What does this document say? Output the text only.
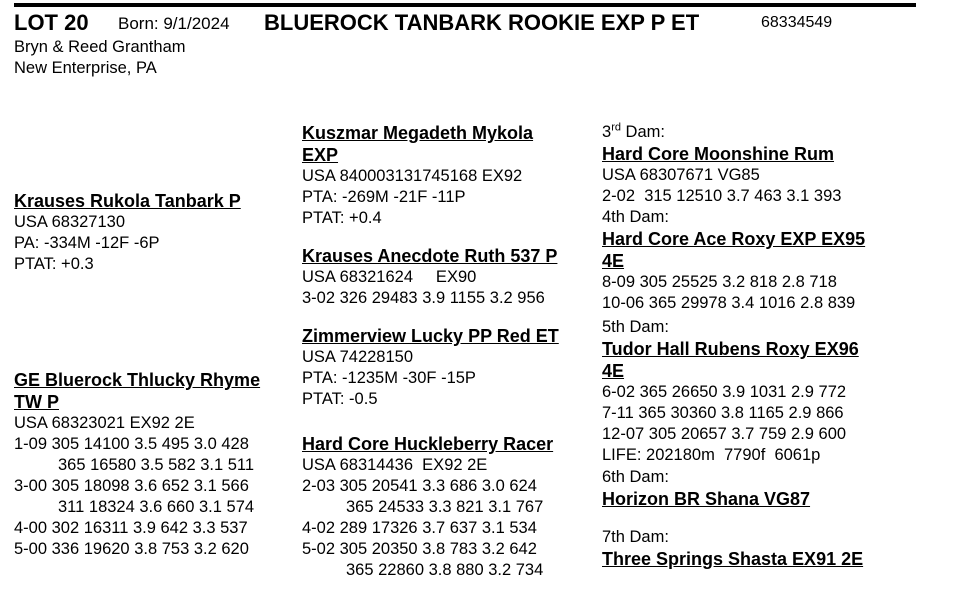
LOT 20 Born: 9/1/2024 BLUEROCK TANBARK ROOKIE EXP P ET	68334549
Bryn & Reed Grantham
New Enterprise, PA
Krauses Rukola Tanbark P
USA 68327130
PA: -334M -12F -6P
PTAT: +0.3
GE Bluerock Thlucky Rhyme
TW P
USA 68323021 EX92 2E
1-09 305 14100 3.5 495 3.0 428
365 16580 3.5 582 3.1 511
3-00 305 18098 3.6 652 3.1 566
311 18324 3.6 660 3.1 574
4-00 302 16311 3.9 642 3.3 537
5-00 336 19620 3.8 753 3.2 620
Kuszmar Megadeth Mykola
EXP
USA 840003131745168 EX92
PTA: -269M -21F -11P
PTAT: +0.4
Krauses Anecdote Ruth 537 P
USA 68321624     EX90
3-02 326 29483 3.9 1155 3.2 956
Zimmerview Lucky PP Red ET
USA 74228150
PTA: -1235M -30F -15P
PTAT: -0.5
Hard Core Huckleberry Racer
USA 68314436  EX92 2E
2-03 305 20541 3.3 686 3.0 624
365 24533 3.3 821 3.1 767
4-02 289 17326 3.7 637 3.1 534
5-02 305 20350 3.8 783 3.2 642
365 22860 3.8 880 3.2 734
3rd Dam:
Hard Core Moonshine Rum
USA 68307671 VG85
2-02  315 12510 3.7 463 3.1 393
4th Dam:
Hard Core Ace Roxy EXP EX95
4E
8-09 305 25525 3.2 818 2.8 718
10-06 365 29978 3.4 1016 2.8 839
5th Dam:
Tudor Hall Rubens Roxy EX96
4E
6-02 365 26650 3.9 1031 2.9 772
7-11 365 30360 3.8 1165 2.9 866
12-07 305 20657 3.7 759 2.9 600
LIFE: 202180m  7790f  6061p
6th Dam:
Horizon BR Shana VG87
7th Dam:
Three Springs Shasta EX91 2E
